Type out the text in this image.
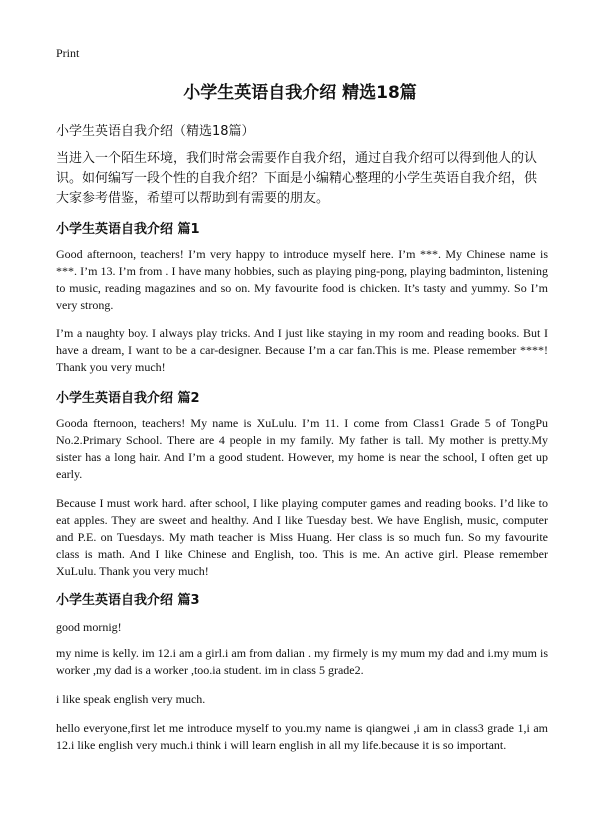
Print
小学生英语自我介绍 精选18篇
小学生英语自我介绍（精选18篇）
当进入一个陌生环境，我们时常会需要作自我介绍，通过自我介绍可以得到他人的认识。如何编写一段个性的自我介绍？下面是小编精心整理的小学生英语自我介绍，供大家参考借鉴，希望可以帮助到有需要的朋友。
小学生英语自我介绍 篇1
Good afternoon, teachers! I’m very happy to introduce myself here. I’m ***. My Chinese name is ***. I’m 13. I’m from . I have many hobbies, such as playing ping-pong, playing badminton, listening to music, reading magazines and so on. My favourite food is chicken. It’s tasty and yummy. So I’m very strong.
I’m a naughty boy. I always play tricks. And I just like staying in my room and reading books. But I have a dream, I want to be a car-designer. Because I’m a car fan.This is me. Please remember ****! Thank you very much!
小学生英语自我介绍 篇2
Gooda fternoon, teachers! My name is XuLulu. I’m 11. I come from Class1 Grade 5 of TongPu No.2.Primary School. There are 4 people in my family. My father is tall. My mother is pretty.My sister has a long hair. And I’m a good student. However, my home is near the school, I often get up early.
Because I must work hard. after school, I like playing computer games and reading books. I’d like to eat apples. They are sweet and healthy. And I like Tuesday best. We have English, music, computer and P.E. on Tuesdays. My math teacher is Miss Huang. Her class is so much fun. So my favourite class is math. And I like Chinese and English, too. This is me. An active girl. Please remember XuLulu. Thank you very much!
小学生英语自我介绍 篇3
good mornig!
my nime is kelly. im 12.i am a girl.i am from dalian . my firmely is my mum my dad and i.my mum is worker ,my dad is a worker ,too.ia student. im in class 5 grade2.
i like speak english very much.
hello everyone,first let me introduce myself to you.my name is qiangwei ,i am in class3 grade 1,i am 12.i like english very much.i think i will learn english in all my life.because it is so important.
